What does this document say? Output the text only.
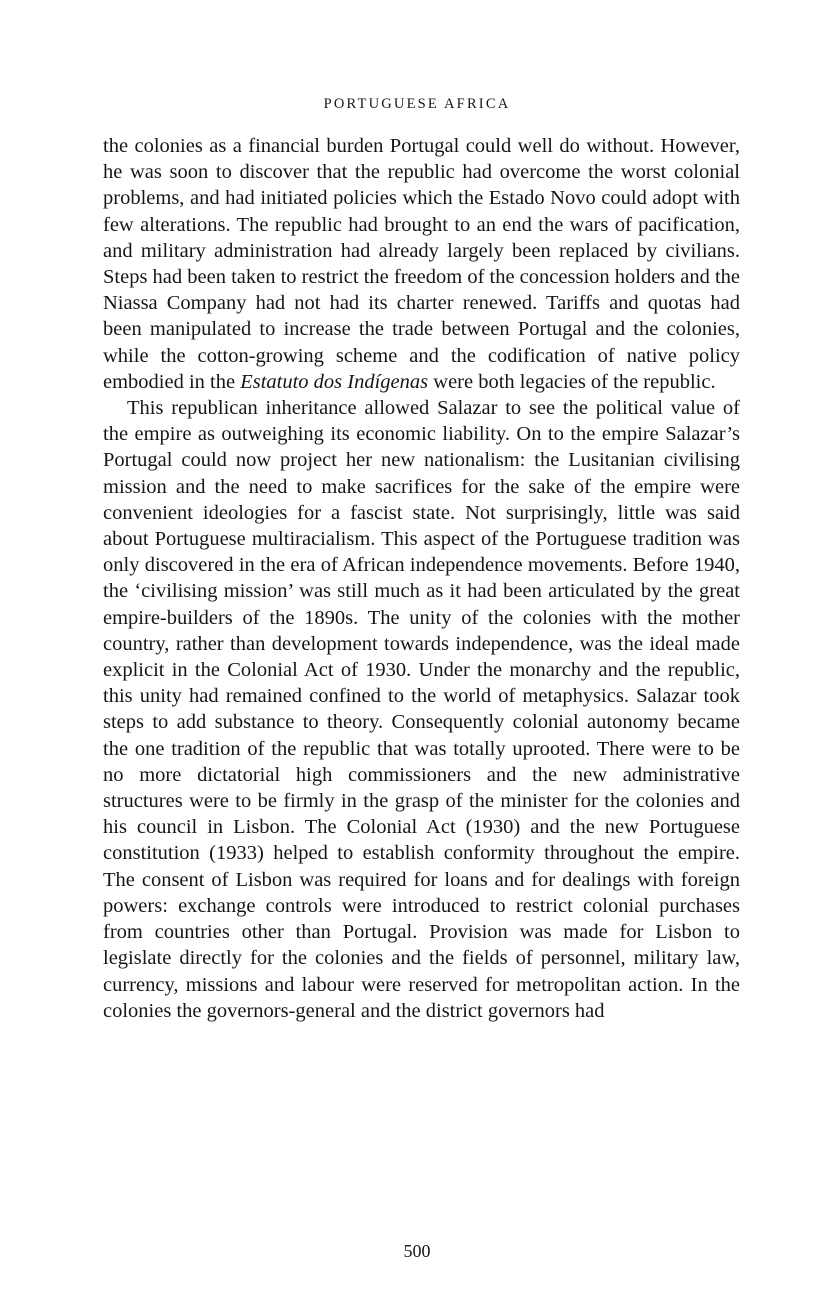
PORTUGUESE AFRICA

the colonies as a financial burden Portugal could well do without. However, he was soon to discover that the republic had overcome the worst colonial problems, and had initiated policies which the Estado Novo could adopt with few alterations. The republic had brought to an end the wars of pacification, and military administration had already largely been replaced by civilians. Steps had been taken to restrict the freedom of the concession holders and the Niassa Company had not had its charter renewed. Tariffs and quotas had been manipulated to increase the trade between Portugal and the colonies, while the cotton-growing scheme and the codification of native policy embodied in the Estatuto dos Indígenas were both legacies of the republic.

This republican inheritance allowed Salazar to see the political value of the empire as outweighing its economic liability. On to the empire Salazar’s Portugal could now project her new nationalism: the Lusitanian civilising mission and the need to make sacrifices for the sake of the empire were convenient ideologies for a fascist state. Not surprisingly, little was said about Portuguese multiracialism. This aspect of the Portuguese tradition was only discovered in the era of African independence movements. Before 1940, the ‘civilising mission’ was still much as it had been articulated by the great empire-builders of the 1890s. The unity of the colonies with the mother country, rather than development towards independence, was the ideal made explicit in the Colonial Act of 1930. Under the monarchy and the republic, this unity had remained confined to the world of metaphysics. Salazar took steps to add substance to theory. Consequently colonial autonomy became the one tradition of the republic that was totally uprooted. There were to be no more dictatorial high commissioners and the new administrative structures were to be firmly in the grasp of the minister for the colonies and his council in Lisbon. The Colonial Act (1930) and the new Portuguese constitution (1933) helped to establish conformity throughout the empire. The consent of Lisbon was required for loans and for dealings with foreign powers: exchange controls were introduced to restrict colonial purchases from countries other than Portugal. Provision was made for Lisbon to legislate directly for the colonies and the fields of personnel, military law, currency, missions and labour were reserved for metropolitan action. In the colonies the governors-general and the district governors had

500
